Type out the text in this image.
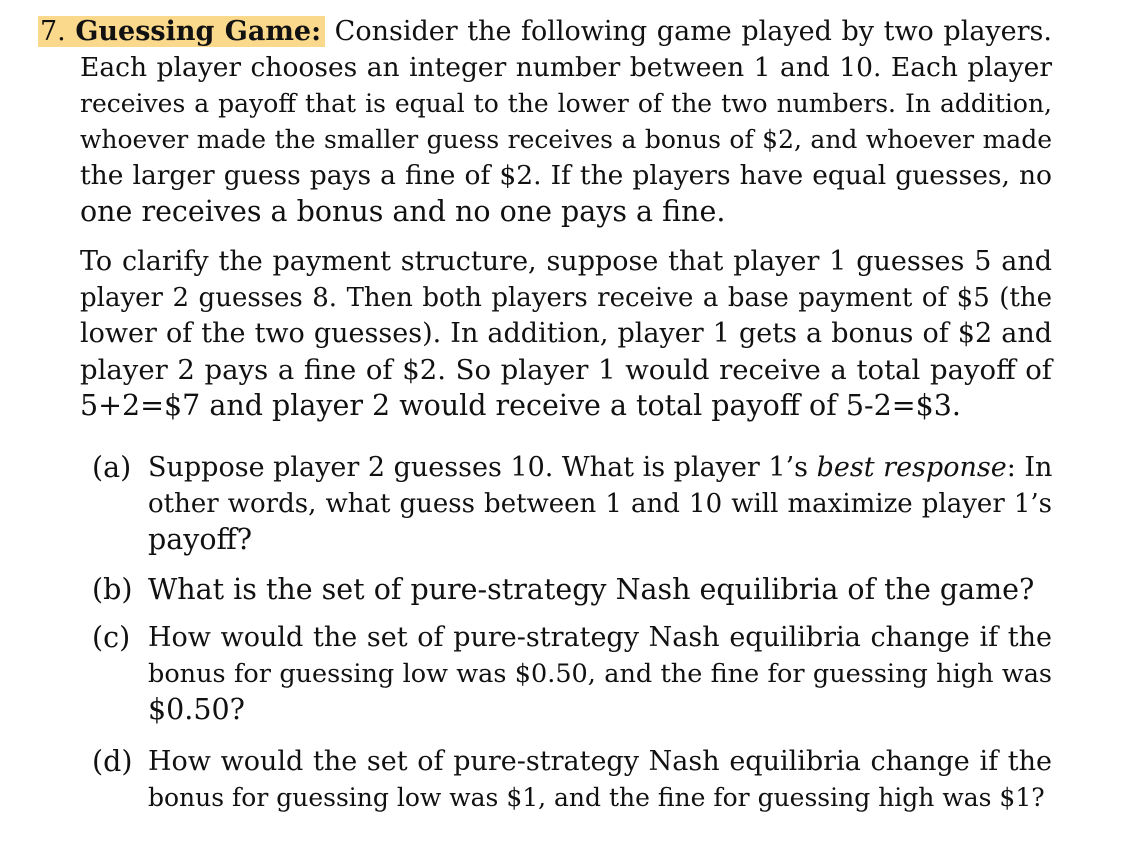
7. Guessing Game: Consider the following game played by two players.
Each player chooses an integer number between 1 and 10. Each player
receives a payoff that is equal to the lower of the two numbers. In addition,
whoever made the smaller guess receives a bonus of $2, and whoever made
the larger guess pays a fine of $2. If the players have equal guesses, no
one receives a bonus and no one pays a fine.
To clarify the payment structure, suppose that player 1 guesses 5 and
player 2 guesses 8. Then both players receive a base payment of $5 (the
lower of the two guesses). In addition, player 1 gets a bonus of $2 and
player 2 pays a fine of $2. So player 1 would receive a total payoff of
5+2=$7 and player 2 would receive a total payoff of 5-2=$3.
(a) Suppose player 2 guesses 10. What is player 1’s best response: In
other words, what guess between 1 and 10 will maximize player 1’s
payoff?
(b) What is the set of pure-strategy Nash equilibria of the game?
(c) How would the set of pure-strategy Nash equilibria change if the
bonus for guessing low was $0.50, and the fine for guessing high was
$0.50?
(d) How would the set of pure-strategy Nash equilibria change if the
bonus for guessing low was $1, and the fine for guessing high was $1?
